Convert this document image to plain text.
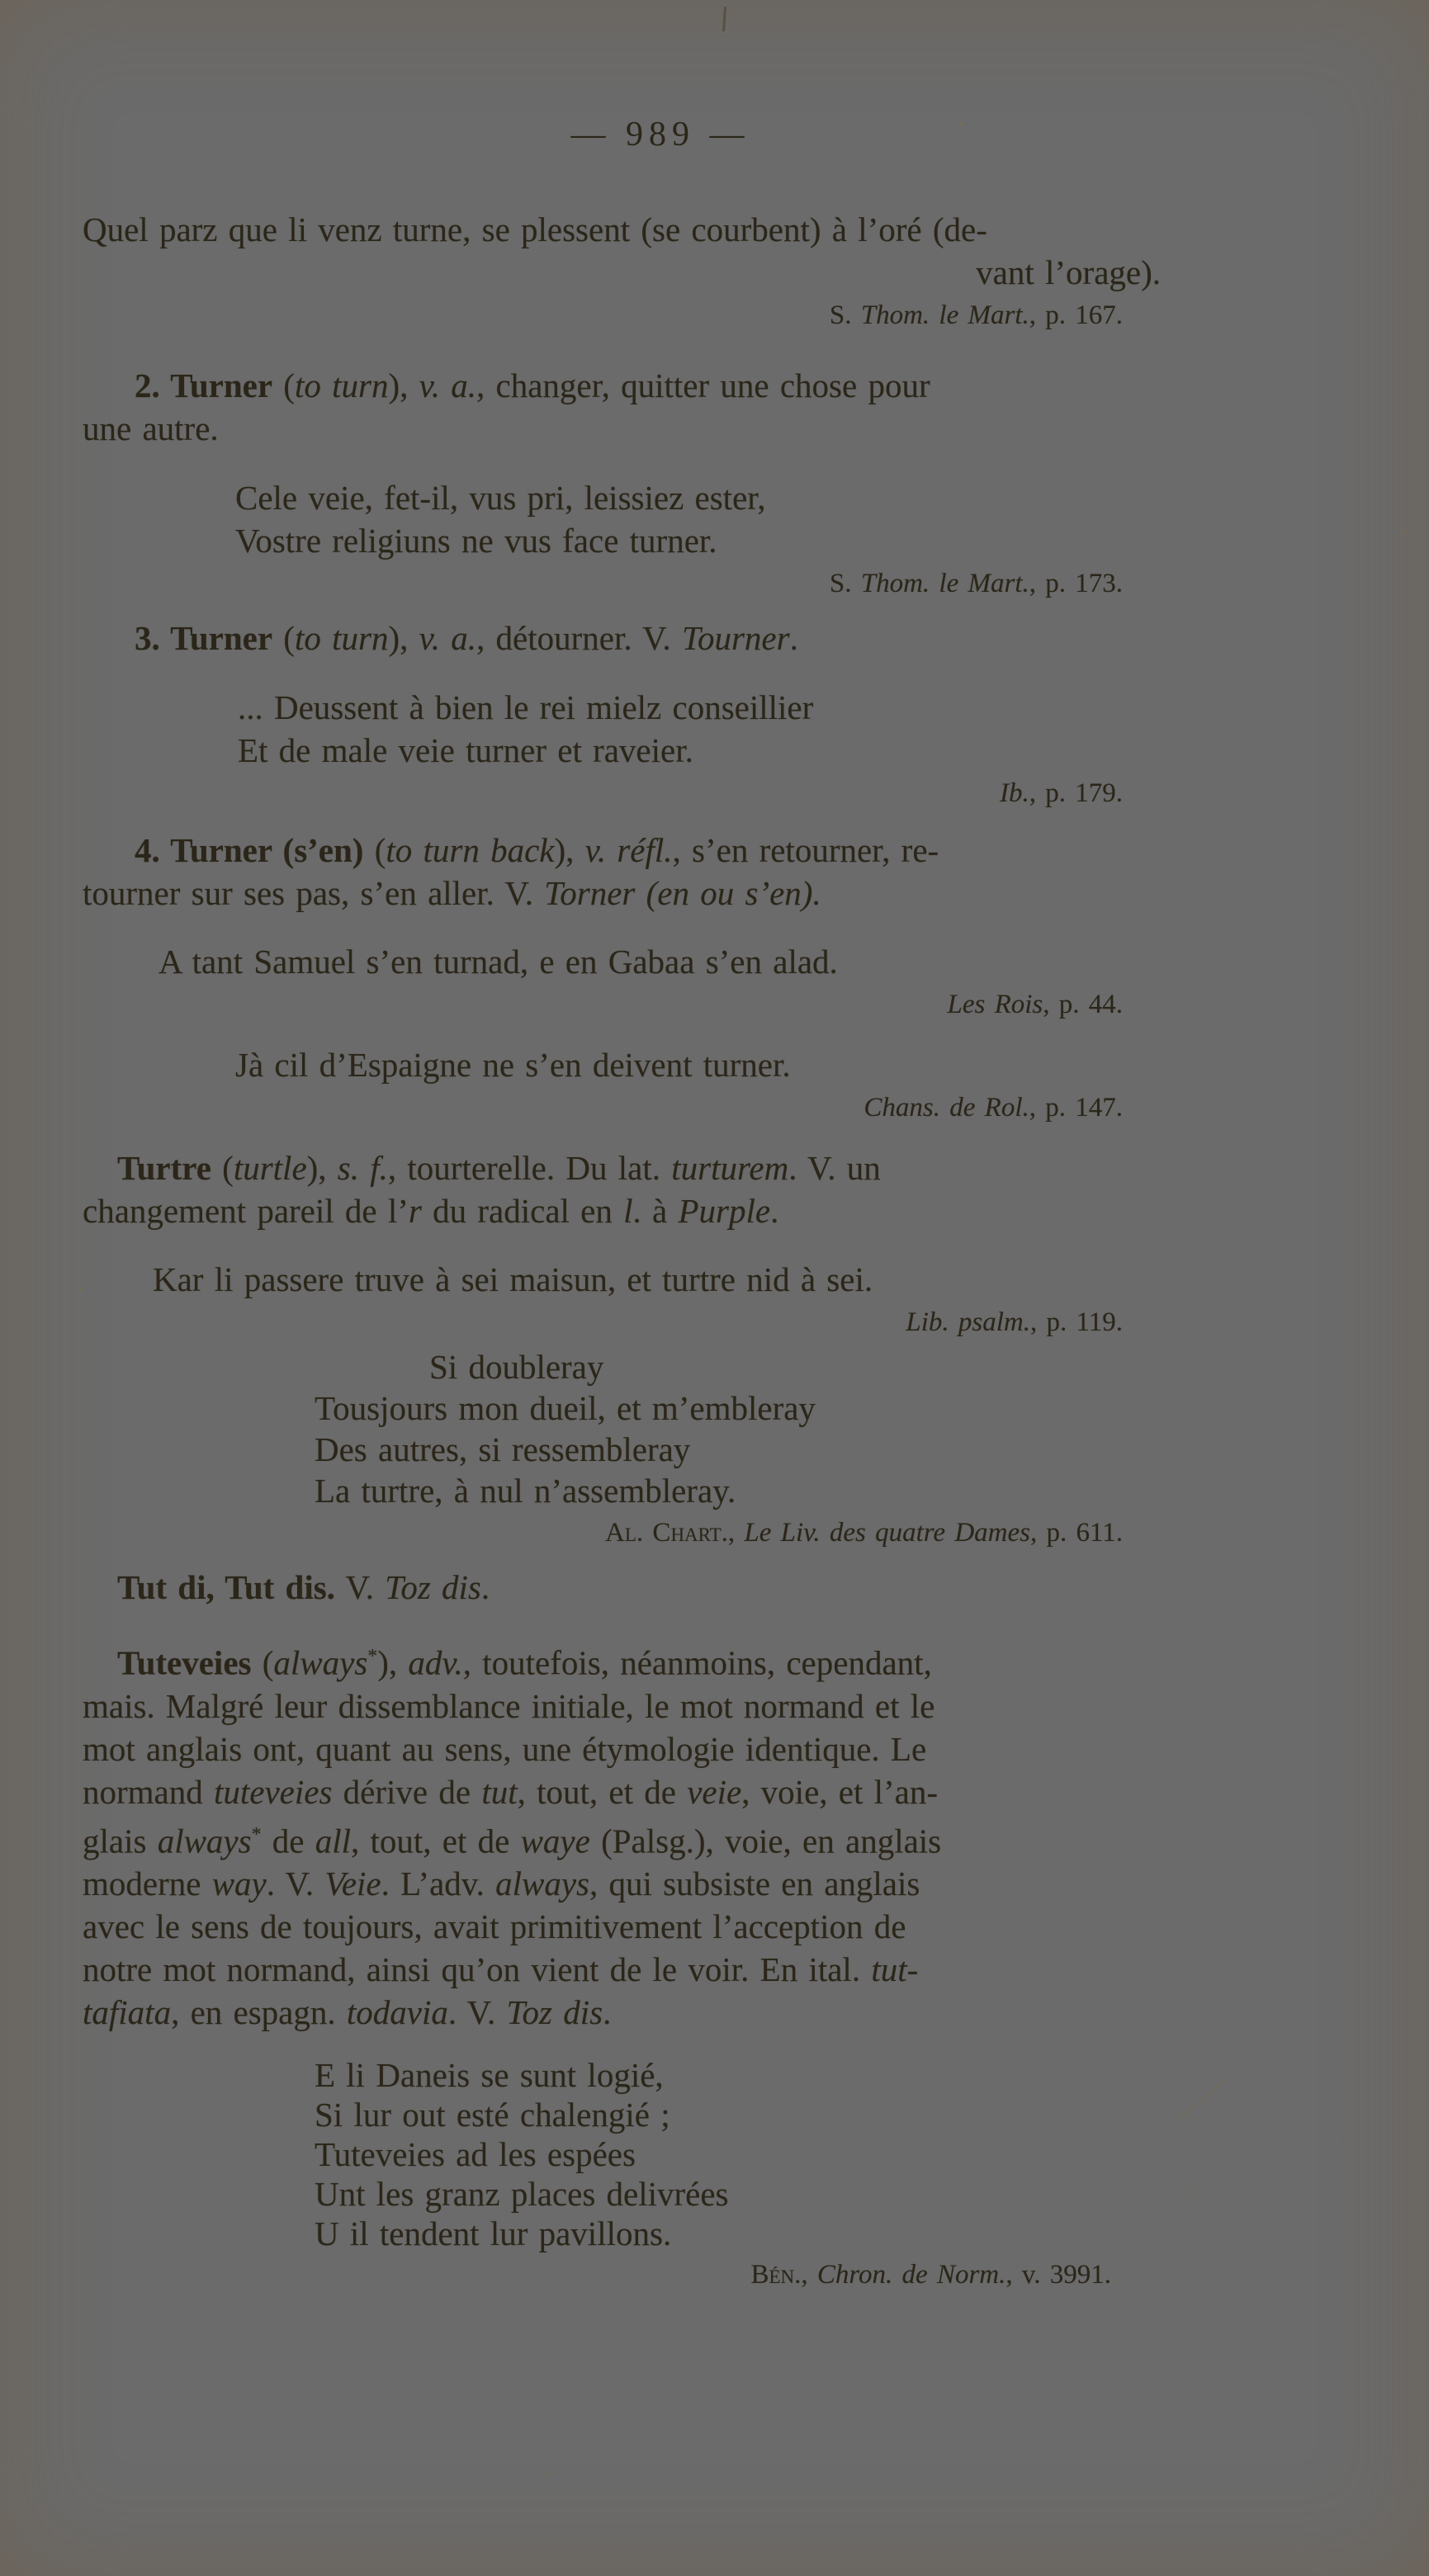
— 989 —
Quel parz que li venz turne, se plessent (se courbent) à l’oré (de-
vant l’orage).
S. Thom. le Mart., p. 167.
2. Turner (to turn), v. a., changer, quitter une chose pour
une autre.
Cele veie, fet-il, vus pri, leissiez ester,
Vostre religiuns ne vus face turner.
S. Thom. le Mart., p. 173.
3. Turner (to turn), v. a., détourner. V. Tourner.
... Deussent à bien le rei mielz conseillier
Et de male veie turner et raveier.
Ib., p. 179.
4. Turner (s’en) (to turn back), v. réfl., s’en retourner, re-
tourner sur ses pas, s’en aller. V. Torner (en ou s’en).
A tant Samuel s’en turnad, e en Gabaa s’en alad.
Les Rois, p. 44.
Jà cil d’Espaigne ne s’en deivent turner.
Chans. de Rol., p. 147.
Turtre (turtle), s. f., tourterelle. Du lat. turturem. V. un
changement pareil de l’r du radical en l. à Purple.
Kar li passere truve à sei maisun, et turtre nid à sei.
Lib. psalm., p. 119.
Si doubleray
Tousjours mon dueil, et m’embleray
Des autres, si ressembleray
La turtre, à nul n’assembleray.
Al. Chart., Le Liv. des quatre Dames, p. 611.
Tut di, Tut dis. V. Toz dis.
Tuteveies (always*), adv., toutefois, néanmoins, cependant,
mais. Malgré leur dissemblance initiale, le mot normand et le
mot anglais ont, quant au sens, une étymologie identique. Le
normand tuteveies dérive de tut, tout, et de veie, voie, et l’an-
glais always* de all, tout, et de waye (Palsg.), voie, en anglais
moderne way. V. Veie. L’adv. always, qui subsiste en anglais
avec le sens de toujours, avait primitivement l’acception de
notre mot normand, ainsi qu’on vient de le voir. En ital. tut-
tafiata, en espagn. todavia. V. Toz dis.
E li Daneis se sunt logié,
Si lur out esté chalengié ;
Tuteveies ad les espées
Unt les granz places delivrées
U il tendent lur pavillons.
Bén., Chron. de Norm., v. 3991.
